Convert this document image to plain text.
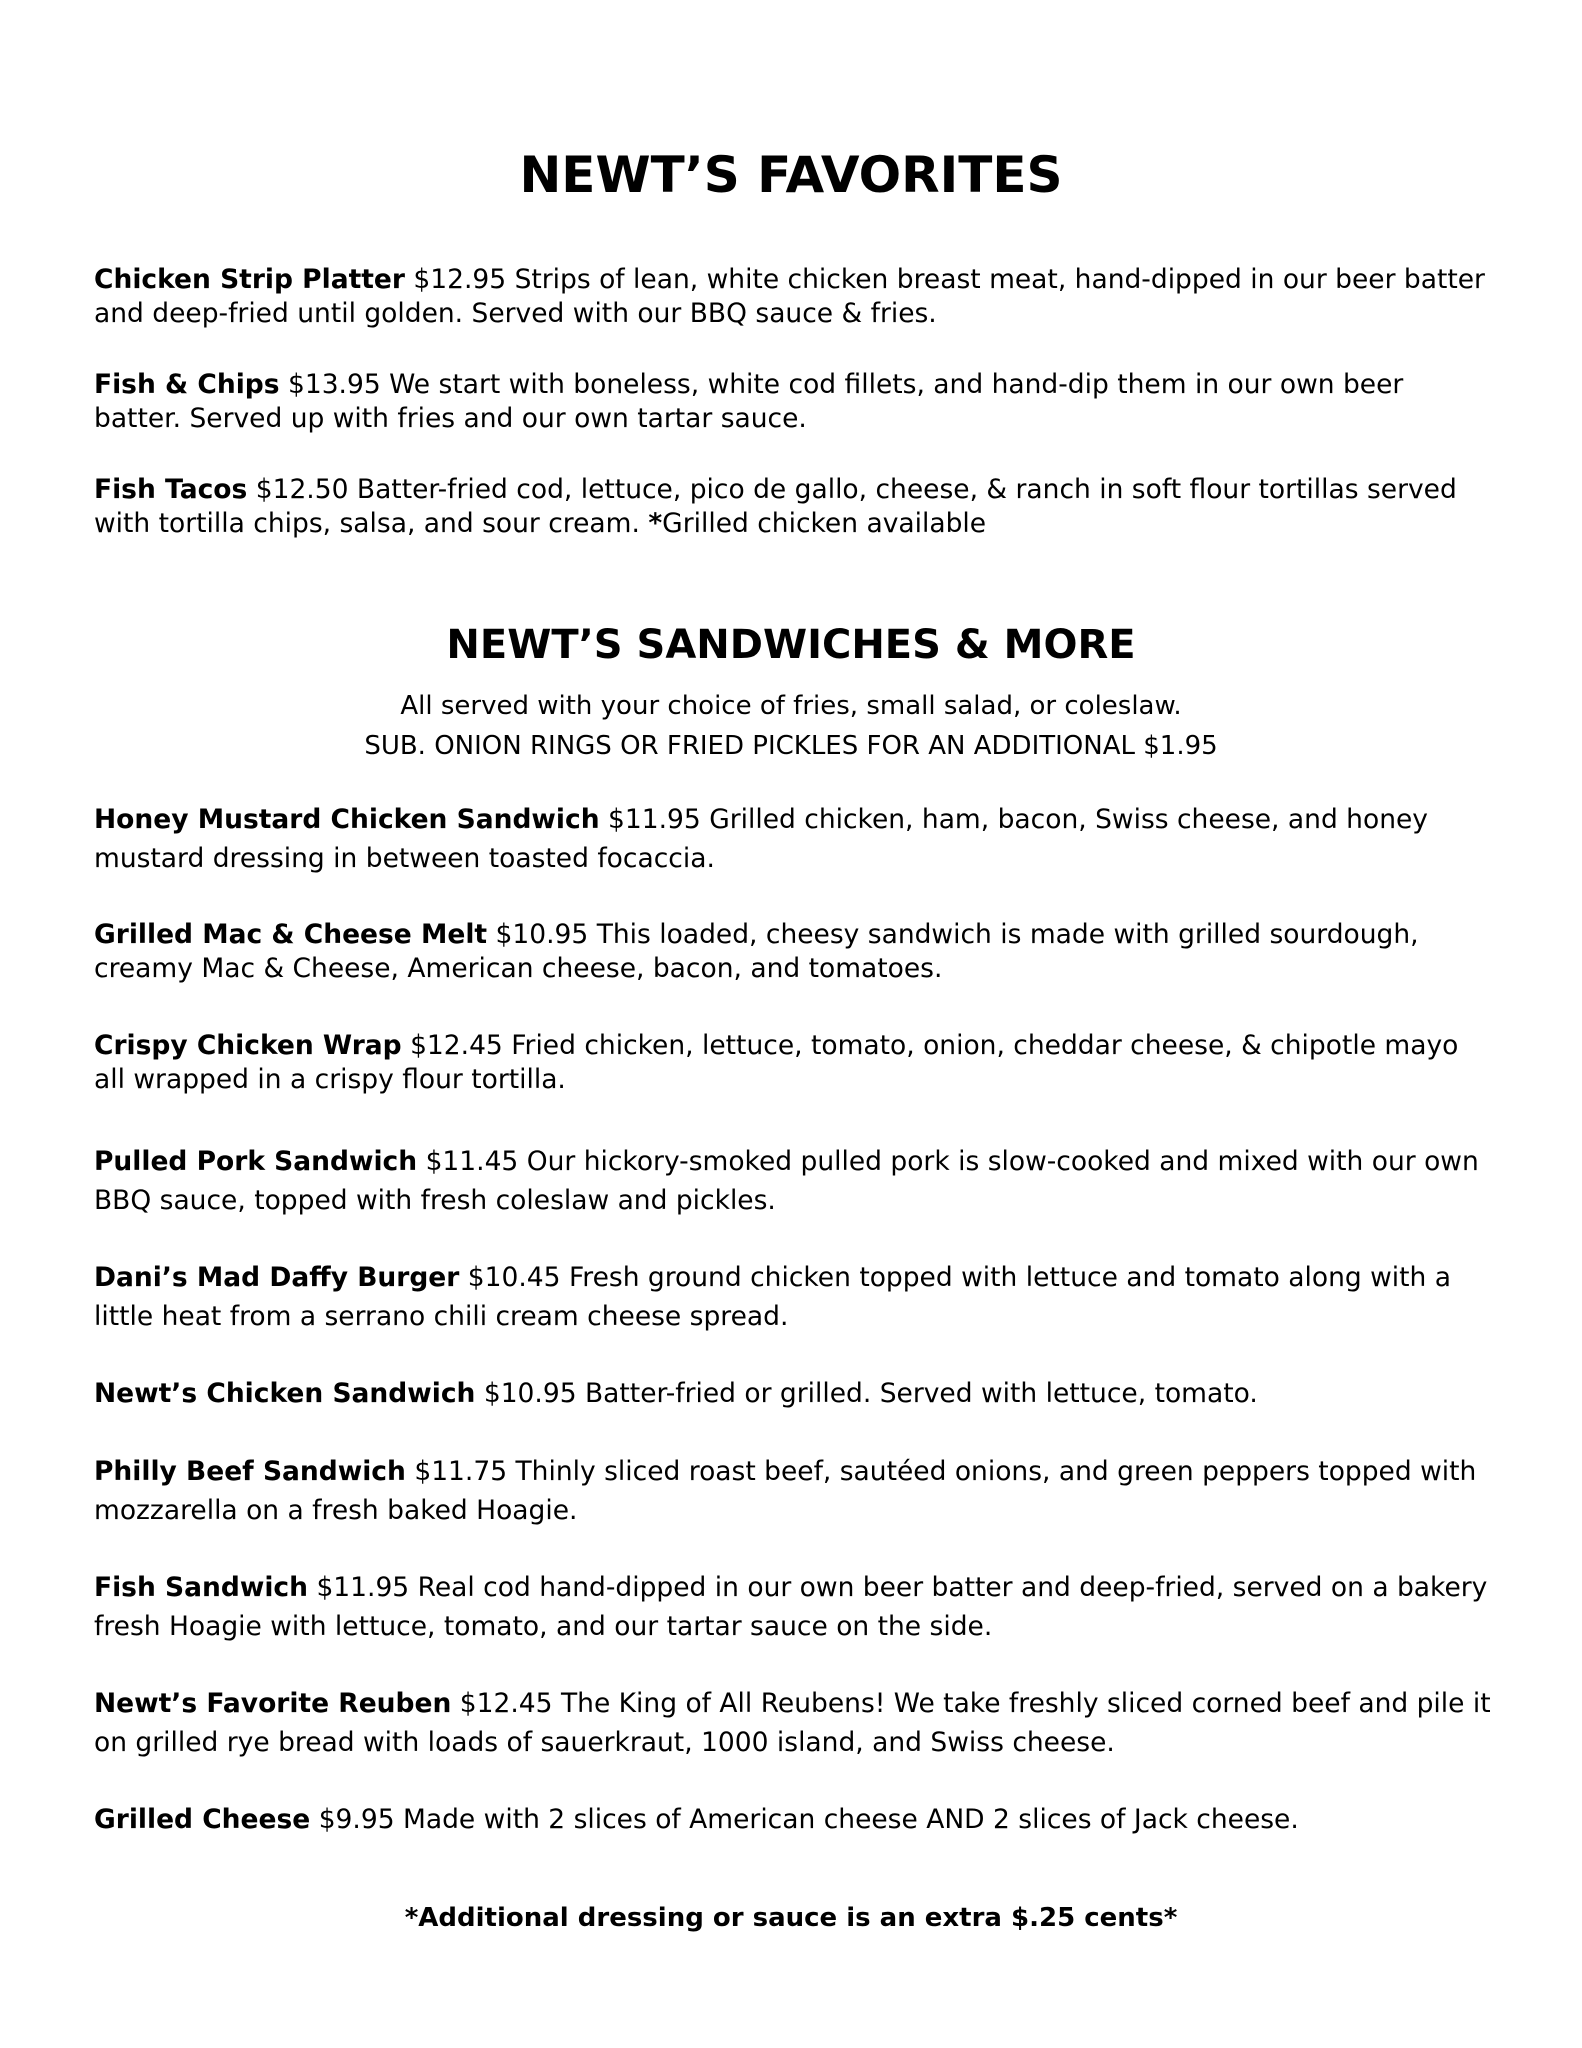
NEWT’S FAVORITES

Chicken Strip Platter $12.95 Strips of lean, white chicken breast meat, hand-dipped in our beer batter and deep-fried until golden. Served with our BBQ sauce & fries.

Fish & Chips $13.95 We start with boneless, white cod fillets, and hand-dip them in our own beer batter. Served up with fries and our own tartar sauce.

Fish Tacos $12.50 Batter-fried cod, lettuce, pico de gallo, cheese, & ranch in soft flour tortillas served with tortilla chips, salsa, and sour cream. *Grilled chicken available

NEWT’S SANDWICHES & MORE

All served with your choice of fries, small salad, or coleslaw.

SUB. ONION RINGS OR FRIED PICKLES FOR AN ADDITIONAL $1.95

Honey Mustard Chicken Sandwich $11.95 Grilled chicken, ham, bacon, Swiss cheese, and honey mustard dressing in between toasted focaccia.

Grilled Mac & Cheese Melt $10.95 This loaded, cheesy sandwich is made with grilled sourdough, creamy Mac & Cheese, American cheese, bacon, and tomatoes.

Crispy Chicken Wrap $12.45 Fried chicken, lettuce, tomato, onion, cheddar cheese, & chipotle mayo all wrapped in a crispy flour tortilla.

Pulled Pork Sandwich $11.45 Our hickory-smoked pulled pork is slow-cooked and mixed with our own BBQ sauce, topped with fresh coleslaw and pickles.

Dani’s Mad Daffy Burger $10.45 Fresh ground chicken topped with lettuce and tomato along with a little heat from a serrano chili cream cheese spread.

Newt’s Chicken Sandwich $10.95 Batter-fried or grilled. Served with lettuce, tomato.

Philly Beef Sandwich $11.75 Thinly sliced roast beef, sautéed onions, and green peppers topped with mozzarella on a fresh baked Hoagie.

Fish Sandwich $11.95 Real cod hand-dipped in our own beer batter and deep-fried, served on a bakery fresh Hoagie with lettuce, tomato, and our tartar sauce on the side.

Newt’s Favorite Reuben $12.45 The King of All Reubens! We take freshly sliced corned beef and pile it on grilled rye bread with loads of sauerkraut, 1000 island, and Swiss cheese.

Grilled Cheese $9.95 Made with 2 slices of American cheese AND 2 slices of Jack cheese.

*Additional dressing or sauce is an extra $.25 cents*
